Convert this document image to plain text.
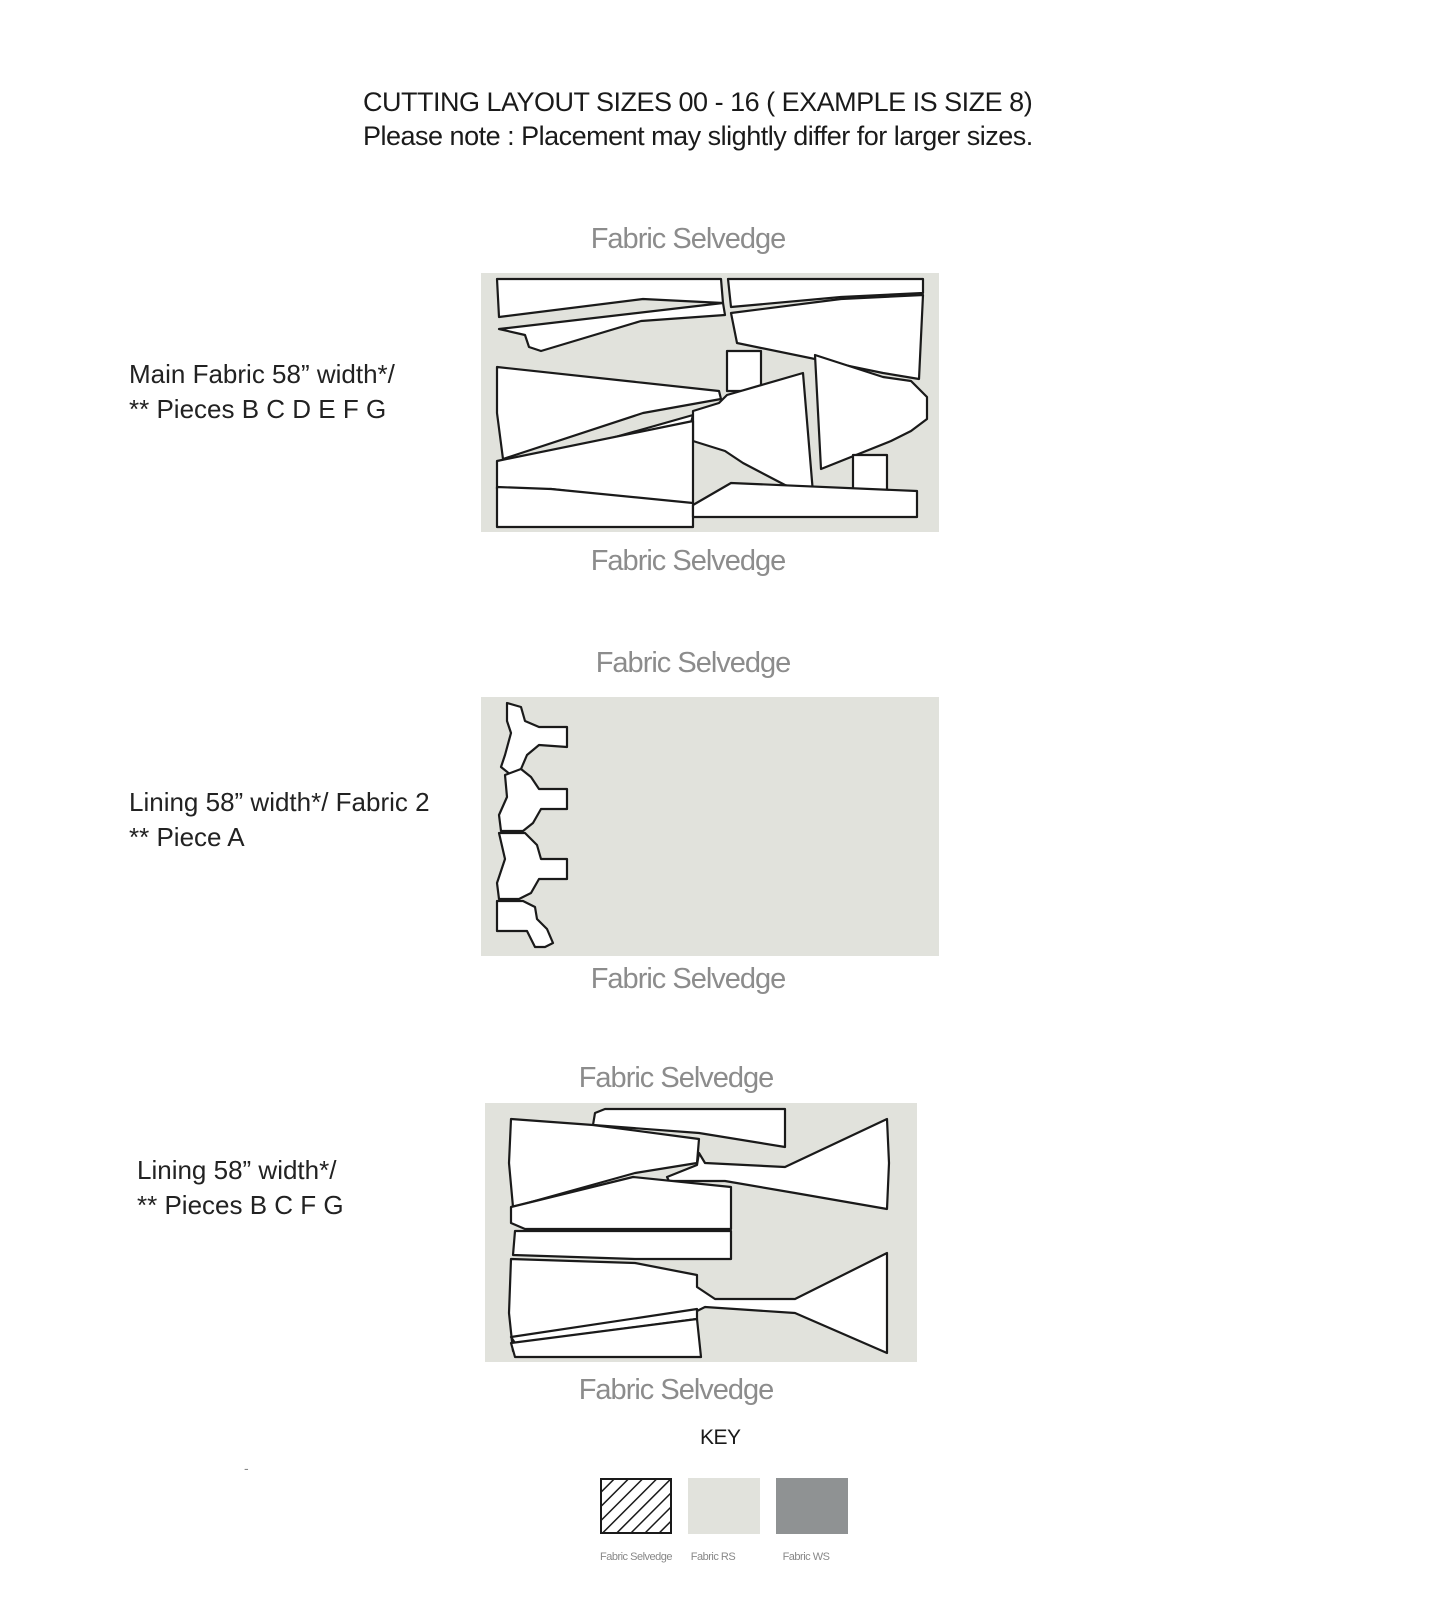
CUTTING LAYOUT SIZES 00 - 16 ( EXAMPLE IS SIZE 8)
Please note : Placement may slightly differ for larger sizes.
Fabric Selvedge
Main Fabric 58” width*/
** Pieces B C D E F G
Fabric Selvedge
Fabric Selvedge
Lining 58” width*/ Fabric 2
** Piece A
Fabric Selvedge
Fabric Selvedge
Lining 58” width*/
** Pieces B C F G
Fabric Selvedge
KEY
-
Fabric Selvedge	Fabric RS	Fabric WS
